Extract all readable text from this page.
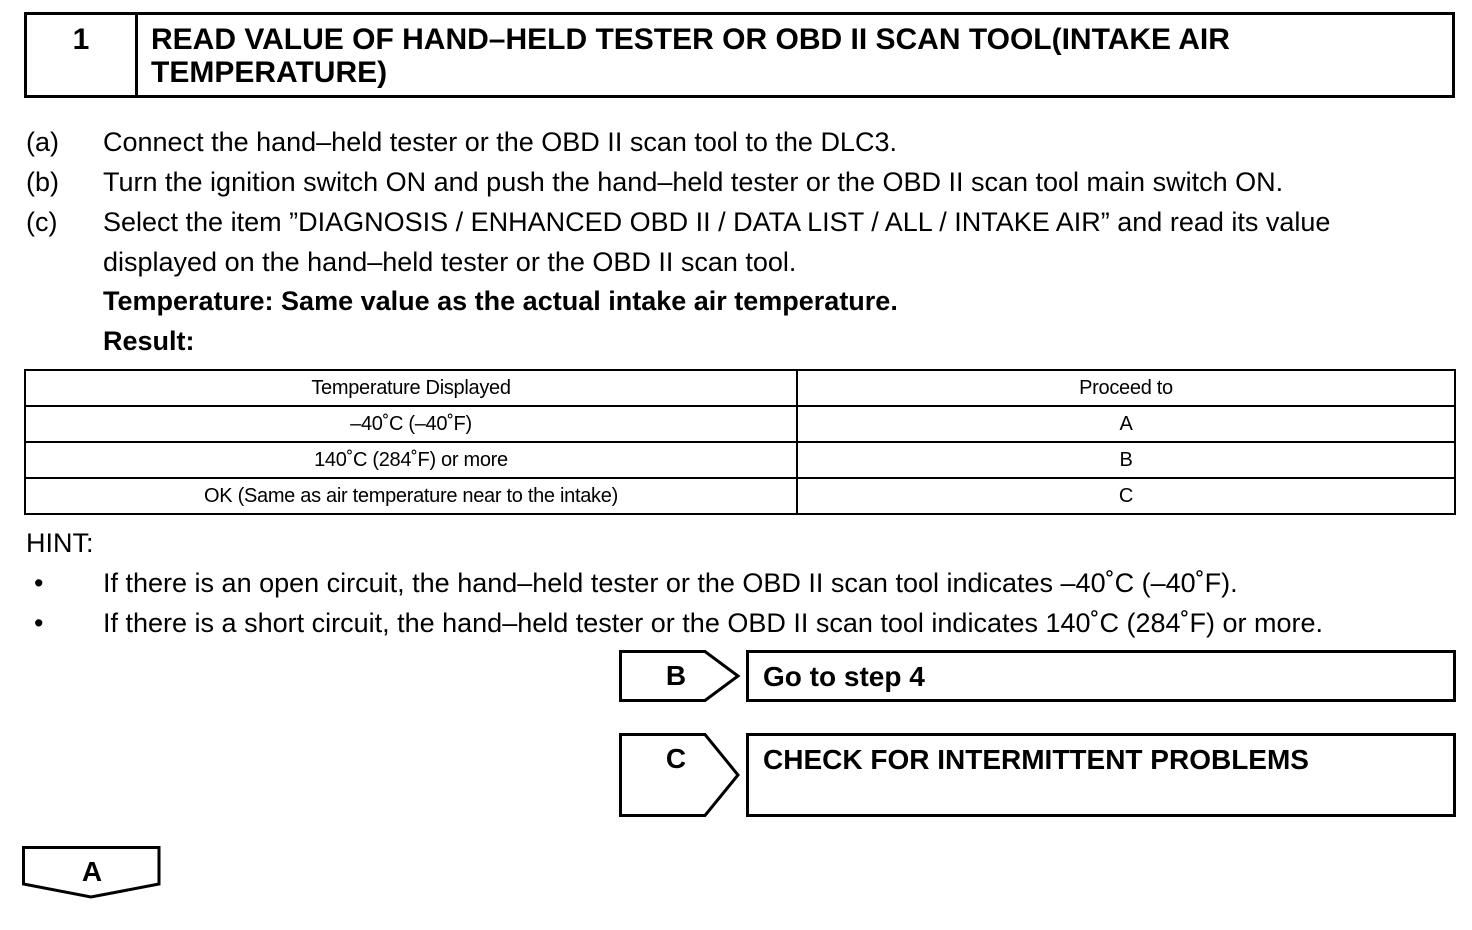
1	READ VALUE OF HAND–HELD TESTER OR OBD II SCAN TOOL(INTAKE AIR
TEMPERATURE)
(a) Connect the hand–held tester or the OBD II scan tool to the DLC3.
(b) Turn the ignition switch ON and push the hand–held tester or the OBD II scan tool main switch ON.
(c) Select the item ”DIAGNOSIS / ENHANCED OBD II / DATA LIST / ALL / INTAKE AIR” and read its value
displayed on the hand–held tester or the OBD II scan tool.
Temperature: Same value as the actual intake air temperature.
Result:
Temperature Displayed	Proceed to
–40˚C (–40˚F)	A
140˚C (284˚F) or more	B
OK (Same as air temperature near to the intake)	C
HINT:
• If there is an open circuit, the hand–held tester or the OBD II scan tool indicates –40˚C (–40˚F).
• If there is a short circuit, the hand–held tester or the OBD II scan tool indicates 140˚C (284˚F) or more.
B	Go to step 4
C	CHECK FOR INTERMITTENT PROBLEMS
A
